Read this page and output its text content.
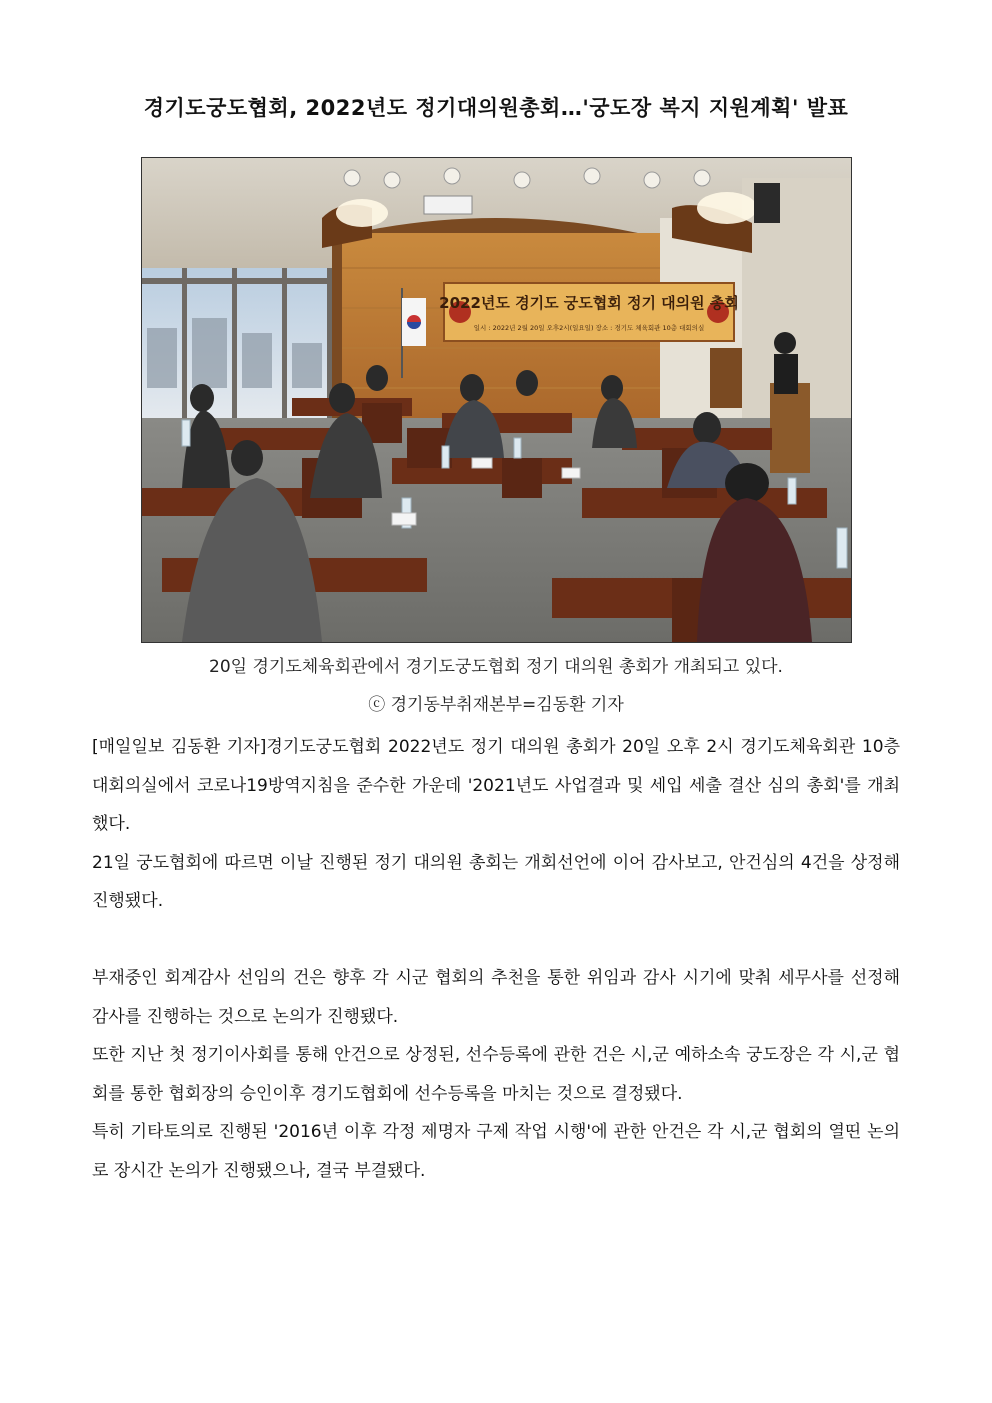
경기도궁도협회, 2022년도 정기대의원총회…'궁도장 복지 지원계획' 발표
2022년도 경기도 궁도협회 정기 대의원 총회
일시 : 2022년 2월 20일 오후2시(일요일) 장소 : 경기도 체육회관 10층 대회의실
20일 경기도체육회관에서 경기도궁도협회 정기 대의원 총회가 개최되고 있다.
ⓒ 경기동부취재본부=김동환 기자

[매일일보 김동환 기자]경기도궁도협회 2022년도 정기 대의원 총회가 20일 오후 2시 경기도체육회관 10층 대회의실에서 코로나19방역지침을 준수한 가운데 '2021년도 사업결과 및 세입 세출 결산 심의 총회'를 개최했다.

21일 궁도협회에 따르면 이날 진행된 정기 대의원 총회는 개회선언에 이어 감사보고, 안건심의 4건을 상정해 진행됐다.

부재중인 회계감사 선임의 건은 향후 각 시군 협회의 추천을 통한 위임과 감사 시기에 맞춰 세무사를 선정해 감사를 진행하는 것으로 논의가 진행됐다.

또한 지난 첫 정기이사회를 통해 안건으로 상정된, 선수등록에 관한 건은 시,군 예하소속 궁도장은 각 시,군 협회를 통한 협회장의 승인이후 경기도협회에 선수등록을 마치는 것으로 결정됐다.

특히 기타토의로 진행된 '2016년 이후 각정 제명자 구제 작업 시행'에 관한 안건은 각 시,군 협회의 열띤 논의로 장시간 논의가 진행됐으나, 결국 부결됐다.
